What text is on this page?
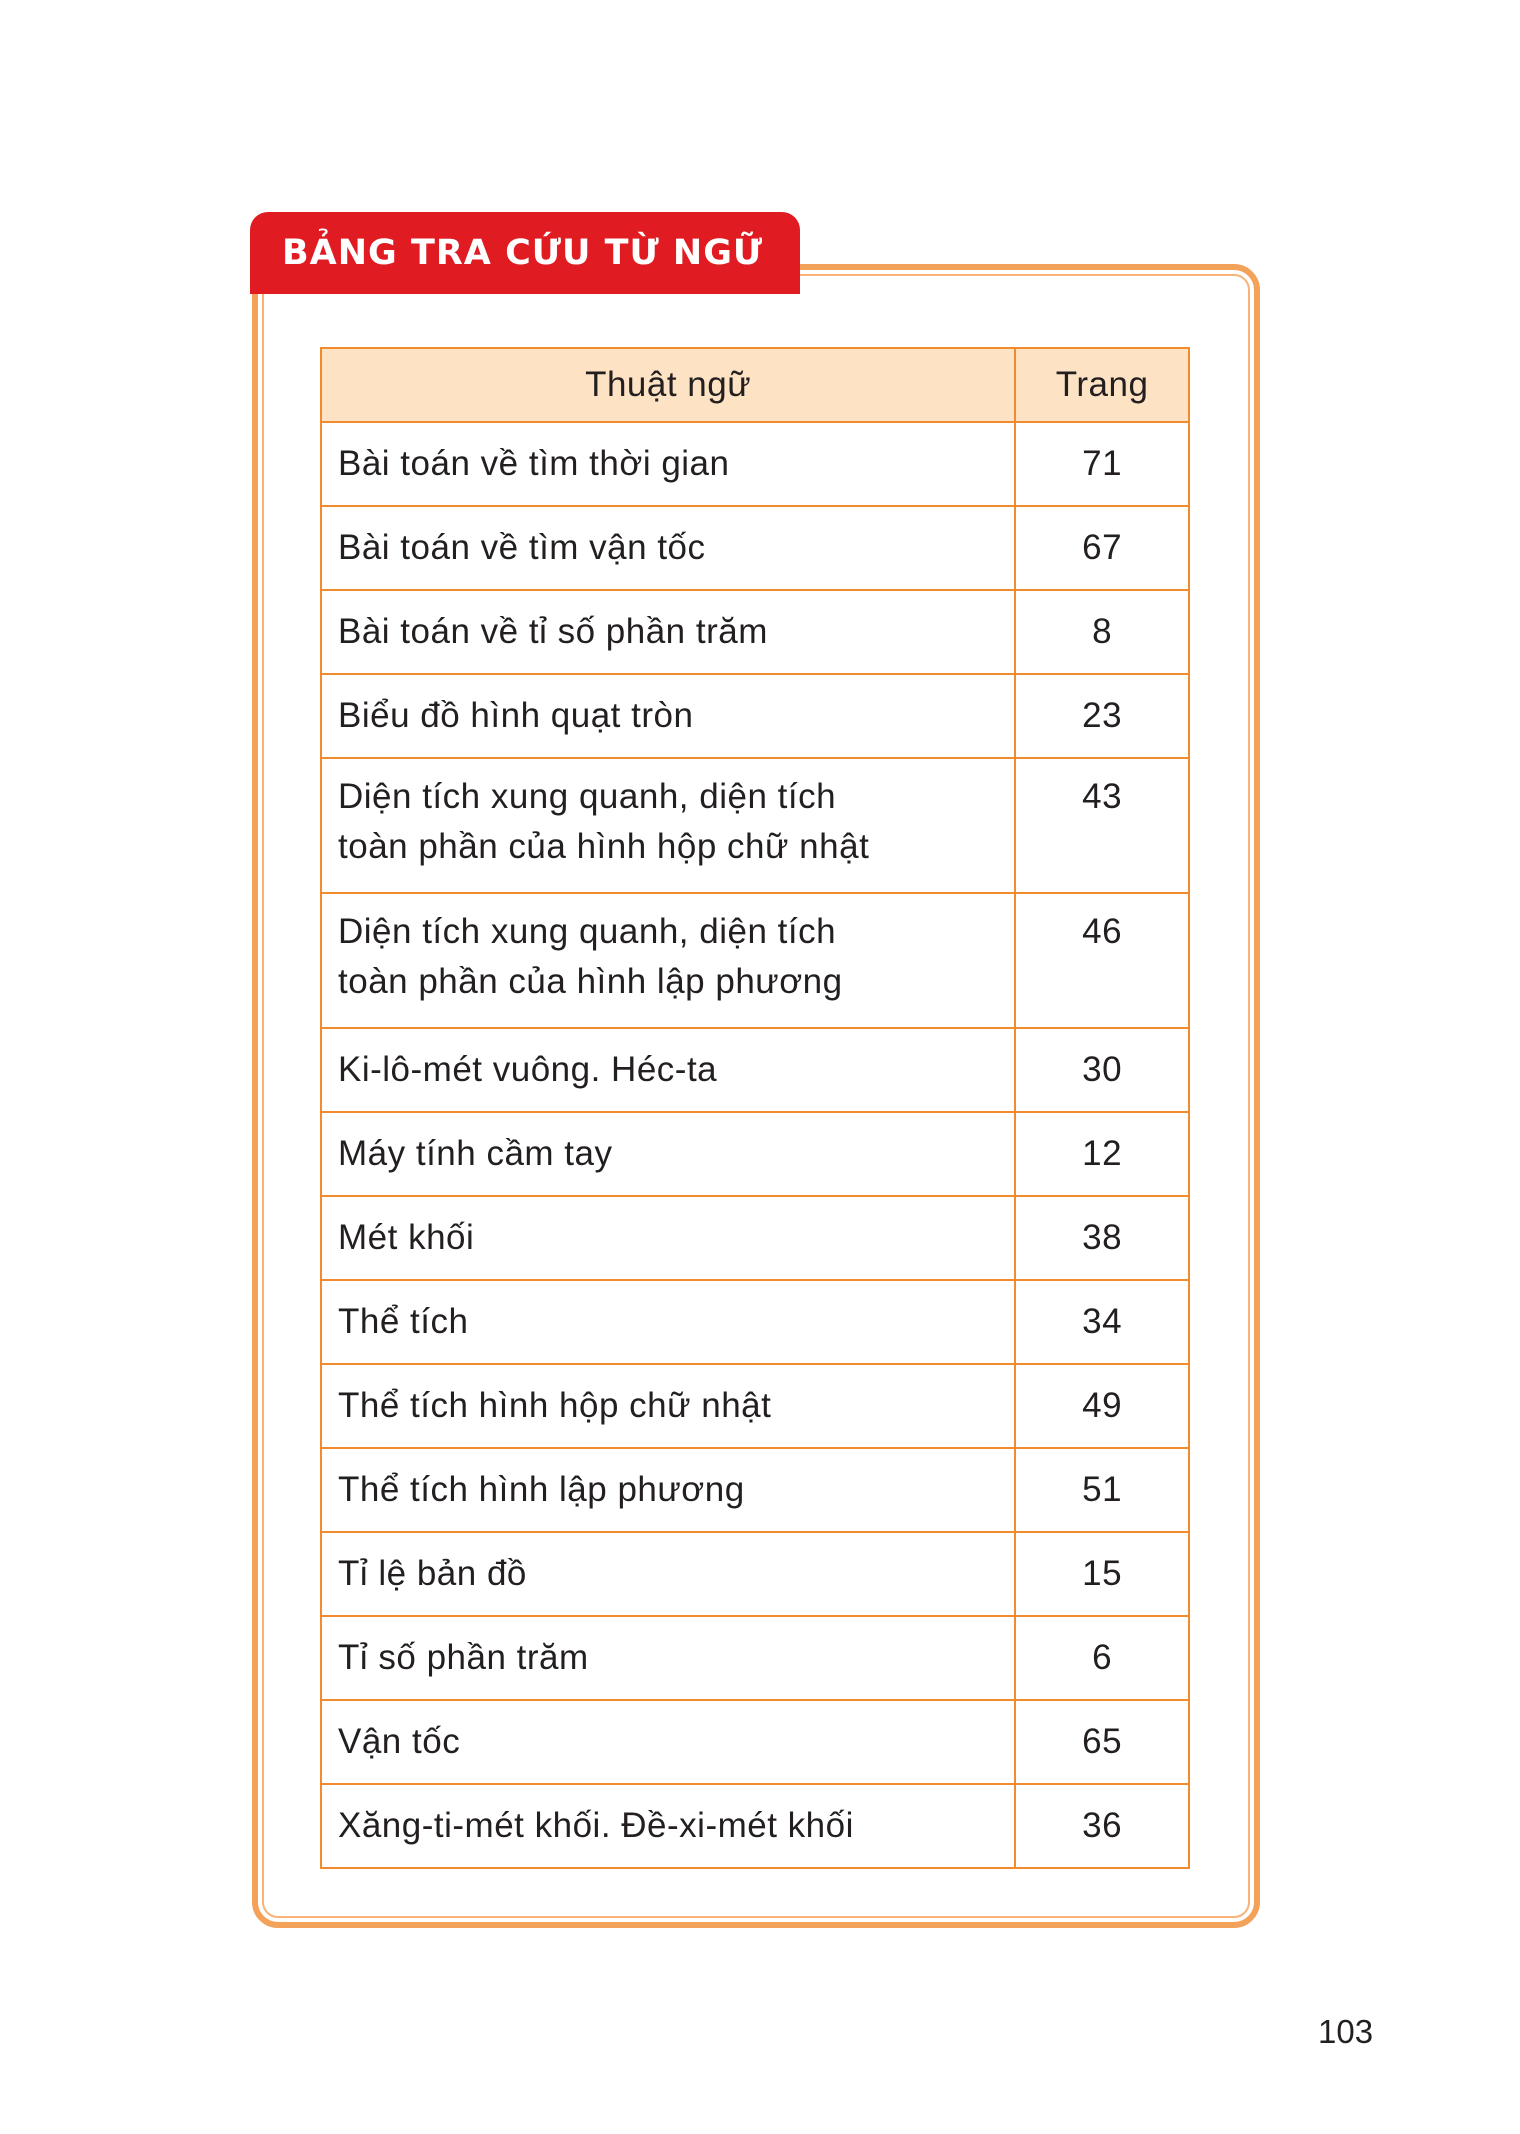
BẢNG TRA CỨU TỪ NGỮ
Thuật ngữ	Trang
Bài toán về tìm thời gian	71
Bài toán về tìm vận tốc	67
Bài toán về tỉ số phần trăm	8
Biểu đồ hình quạt tròn	23
Diện tích xung quanh, diện tích
toàn phần của hình hộp chữ nhật	43
Diện tích xung quanh, diện tích
toàn phần của hình lập phương	46
Ki-lô-mét vuông. Héc-ta	30
Máy tính cầm tay	12
Mét khối	38
Thể tích	34
Thể tích hình hộp chữ nhật	49
Thể tích hình lập phương	51
Tỉ lệ bản đồ	15
Tỉ số phần trăm	6
Vận tốc	65
Xăng-ti-mét khối. Đề-xi-mét khối	36
103
